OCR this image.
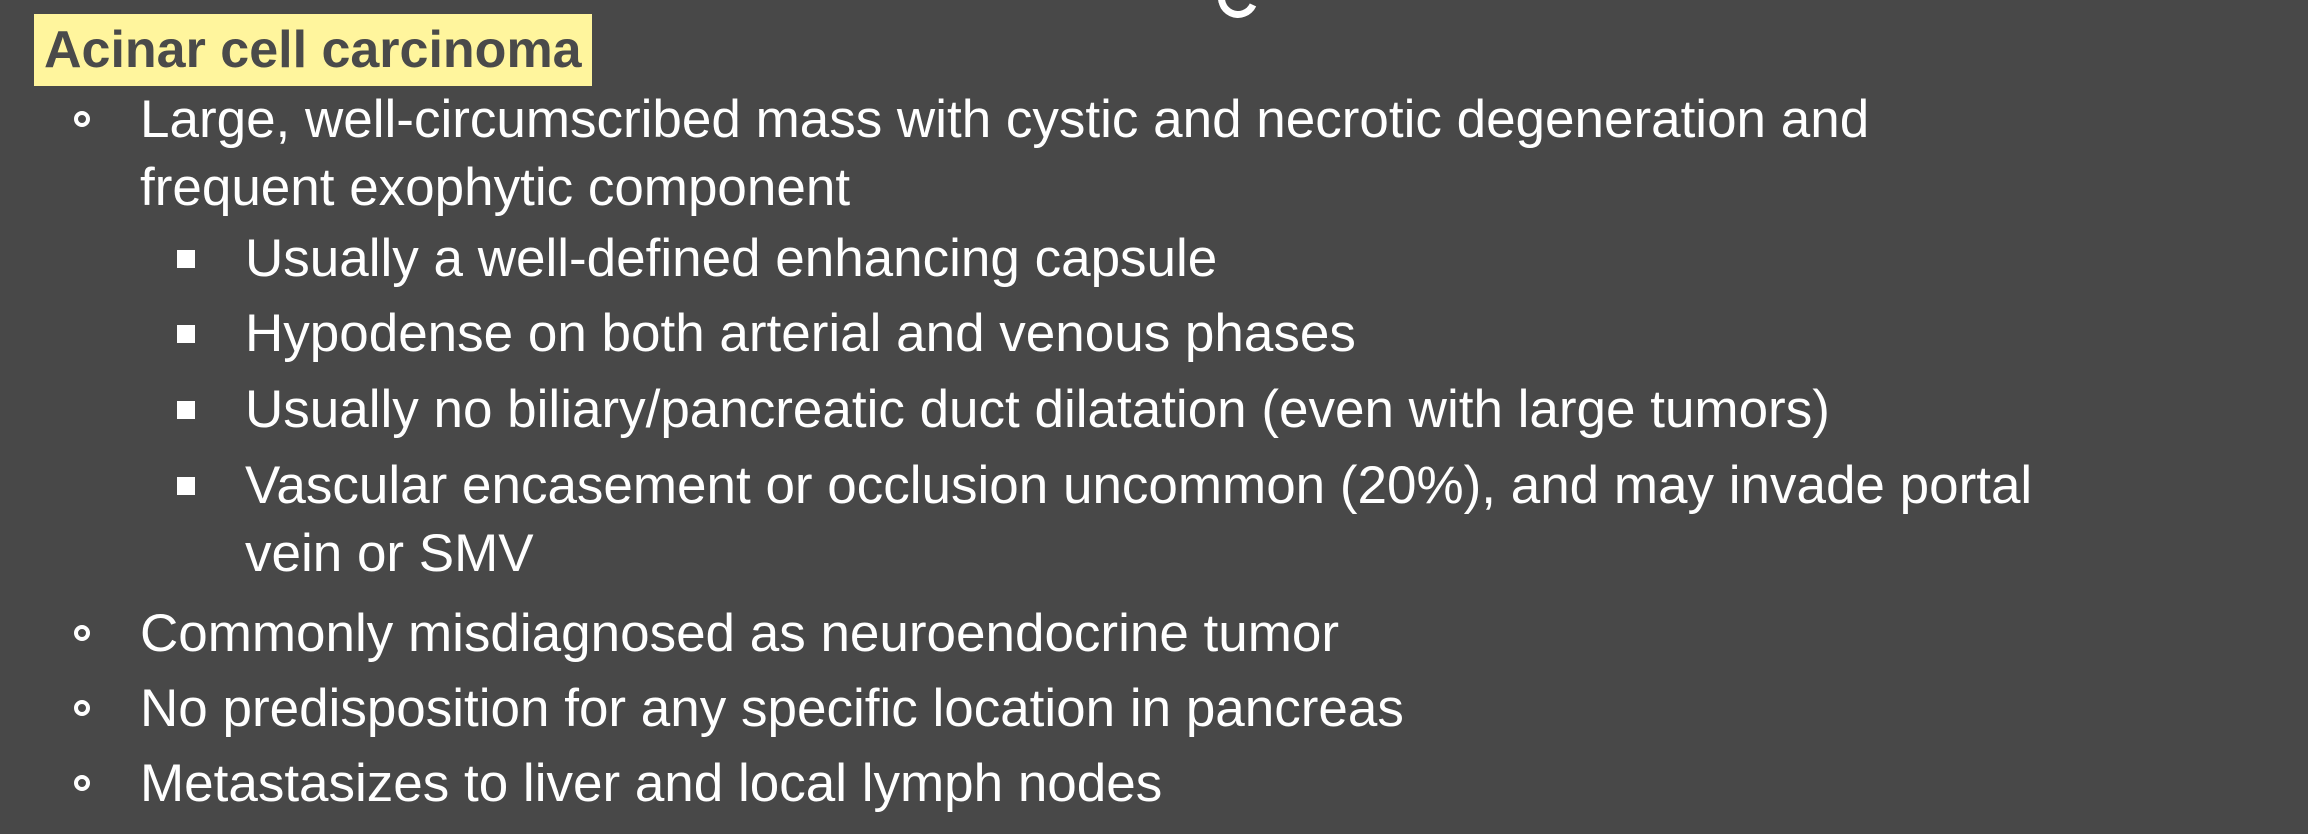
Acinar cell carcinoma
Large, well-circumscribed mass with cystic and necrotic degeneration and
frequent exophytic component
Usually a well-defined enhancing capsule
Hypodense on both arterial and venous phases
Usually no biliary/pancreatic duct dilatation (even with large tumors)
Vascular encasement or occlusion uncommon (20%), and may invade portal
vein or SMV
Commonly misdiagnosed as neuroendocrine tumor
No predisposition for any specific location in pancreas
Metastasizes to liver and local lymph nodes
